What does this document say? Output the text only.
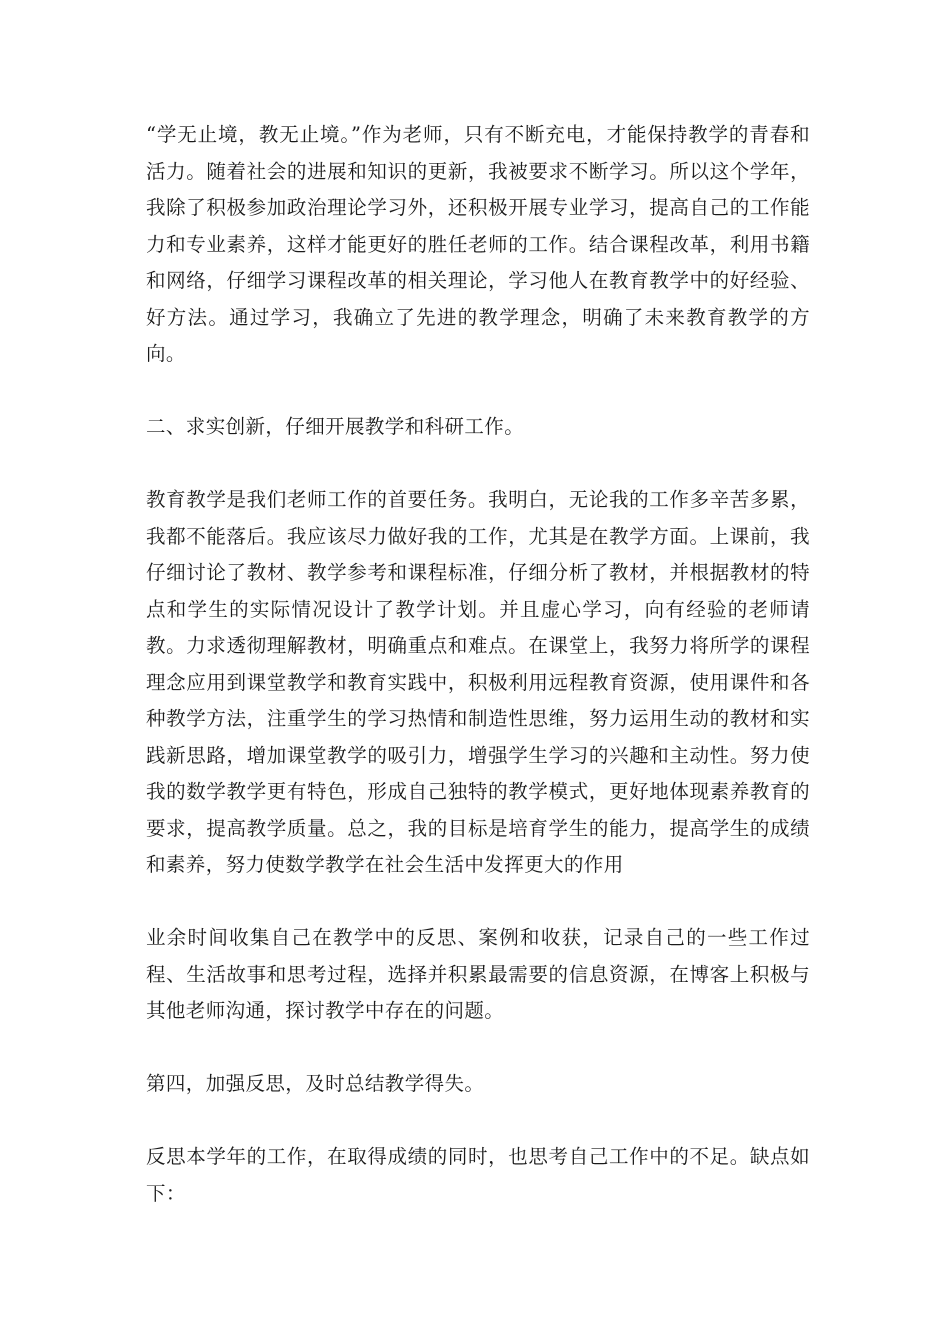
“学无止境，教无止境。”作为老师，只有不断充电，才能保持教学的青春和活力。随着社会的进展和知识的更新，我被要求不断学习。所以这个学年，我除了积极参加政治理论学习外，还积极开展专业学习，提高自己的工作能力和专业素养，这样才能更好的胜任老师的工作。结合课程改革，利用书籍和网络，仔细学习课程改革的相关理论，学习他人在教育教学中的好经验、好方法。通过学习，我确立了先进的教学理念，明确了未来教育教学的方向。

二、求实创新，仔细开展教学和科研工作。

教育教学是我们老师工作的首要任务。我明白，无论我的工作多辛苦多累，我都不能落后。我应该尽力做好我的工作，尤其是在教学方面。上课前，我仔细讨论了教材、教学参考和课程标准，仔细分析了教材，并根据教材的特点和学生的实际情况设计了教学计划。并且虚心学习，向有经验的老师请教。力求透彻理解教材，明确重点和难点。在课堂上，我努力将所学的课程理念应用到课堂教学和教育实践中，积极利用远程教育资源，使用课件和各种教学方法，注重学生的学习热情和制造性思维，努力运用生动的教材和实践新思路，增加课堂教学的吸引力，增强学生学习的兴趣和主动性。努力使我的数学教学更有特色，形成自己独特的教学模式，更好地体现素养教育的要求，提高教学质量。总之，我的目标是培育学生的能力，提高学生的成绩和素养，努力使数学教学在社会生活中发挥更大的作用

业余时间收集自己在教学中的反思、案例和收获，记录自己的一些工作过程、生活故事和思考过程，选择并积累最需要的信息资源，在博客上积极与其他老师沟通，探讨教学中存在的问题。

第四，加强反思，及时总结教学得失。

反思本学年的工作，在取得成绩的同时，也思考自己工作中的不足。缺点如下：
